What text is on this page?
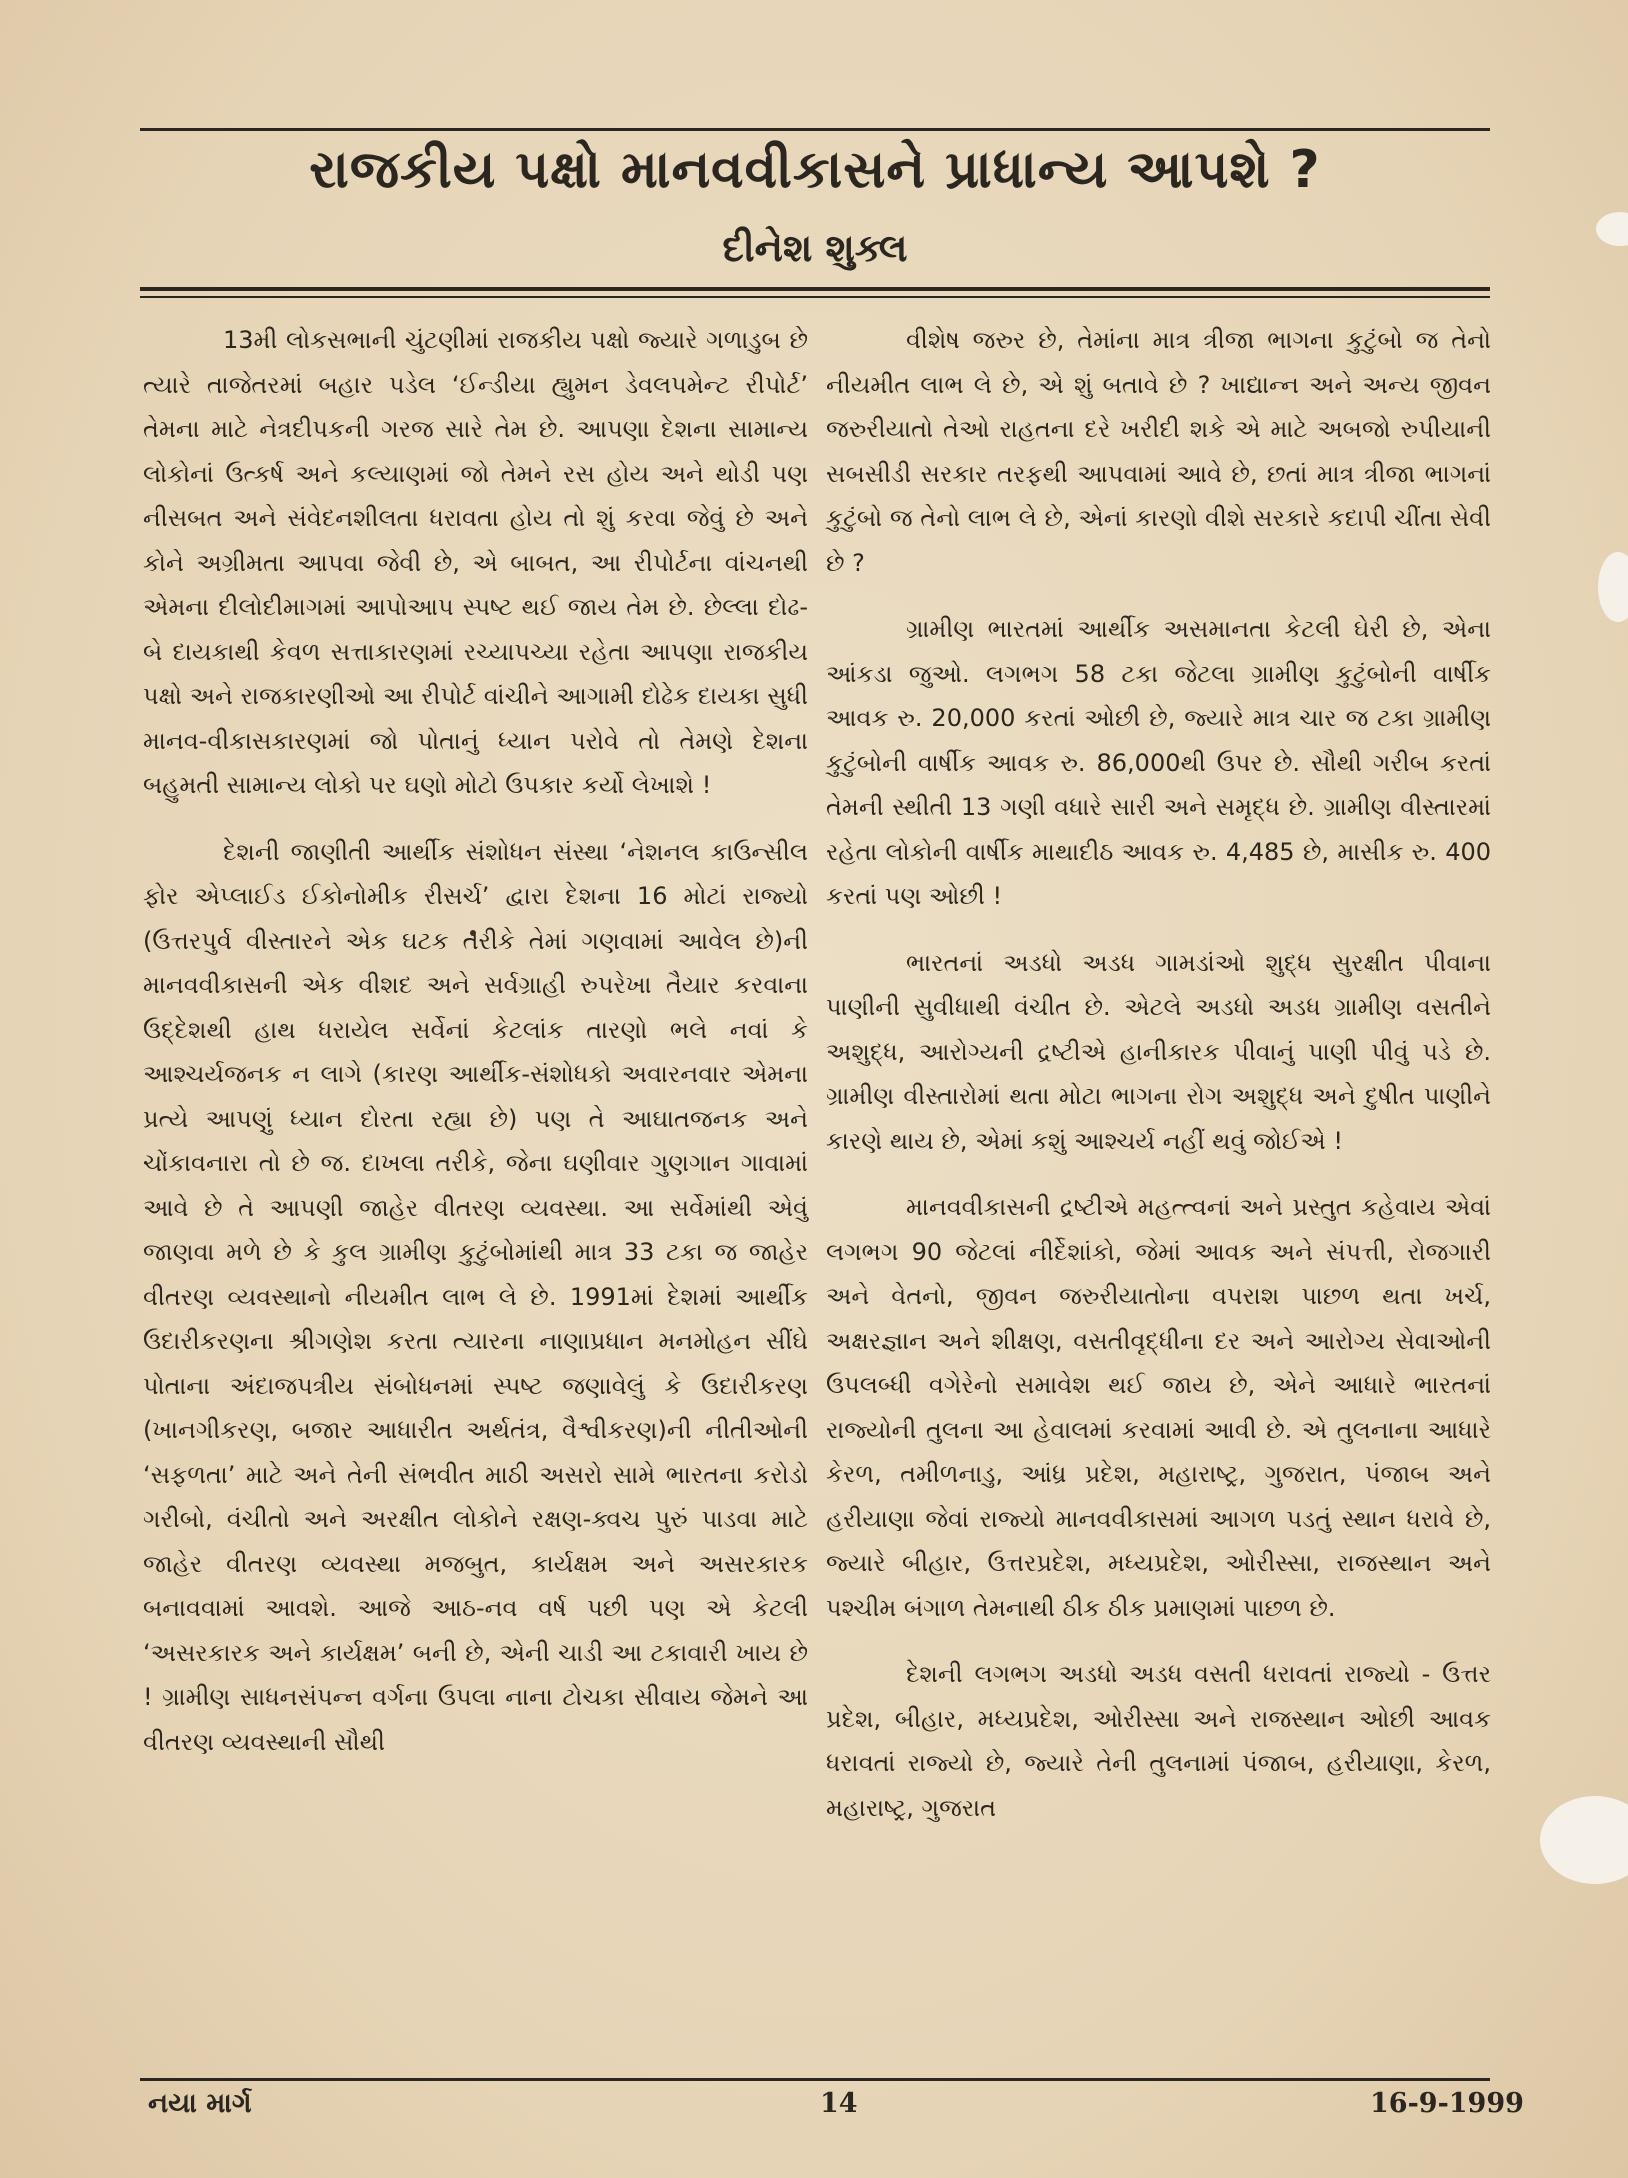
રાજકીય પક્ષો માનવવીકાસને પ્રાધાન્ય આપશે ?
દીનેશ શુક્લ

13મી લોકસભાની ચુંટણીમાં રાજકીય પક્ષો જ્યારે ગળાડુબ છે ત્યારે તાજેતરમાં બહાર પડેલ ‘ઈન્ડીયા હ્યુમન ડેવલપમેન્ટ રીપોર્ટ’ તેમના માટે નેત્રદીપકની ગરજ સારે તેમ છે. આપણા દેશના સામાન્ય લોકોનાં ઉત્કર્ષ અને કલ્યાણમાં જો તેમને રસ હોય અને થોડી પણ નીસબત અને સંવેદનશીલતા ધરાવતા હોય તો શું કરવા જેવું છે અને કોને અગ્રીમતા આપવા જેવી છે, એ બાબત, આ રીપોર્ટના વાંચનથી એમના દીલોદીમાગમાં આપોઆપ સ્પષ્ટ થઈ જાય તેમ છે. છેલ્લા દોઢ-બે દાયકાથી કેવળ સત્તાકારણમાં રચ્યાપચ્યા રહેતા આપણા રાજકીય પક્ષો અને રાજકારણીઓ આ રીપોર્ટ વાંચીને આગામી દોઢેક દાયકા સુધી માનવ-વીકાસકારણમાં જો પોતાનું ધ્યાન પરોવે તો તેમણે દેશના બહુમતી સામાન્ય લોકો પર ઘણો મોટો ઉપકાર કર્યો લેખાશે !

દેશની જાણીતી આર્થીક સંશોધન સંસ્થા ‘નેશનલ કાઉન્સીલ ફોર એપ્લાઈડ ઈકોનોમીક રીસર્ચ’ દ્વારા દેશના 16 મોટાં રાજ્યો (ઉત્તરપુર્વ વીસ્તારને એક ઘટક તરીકે તેમાં ગણવામાં આવેલ છે)ની માનવવીકાસની એક વીશદ અને સર્વગ્રાહી રુપરેખા તૈયાર કરવાના ઉદ્દેશથી હાથ ધરાયેલ સર્વેનાં કેટલાંક તારણો ભલે નવાં કે આશ્ચર્યજનક ન લાગે (કારણ આર્થીક-સંશોધકો અવારનવાર એમના પ્રત્યે આપણું ધ્યાન દોરતા રહ્યા છે) પણ તે આઘાતજનક અને ચોંકાવનારા તો છે જ. દાખલા તરીકે, જેના ઘણીવાર ગુણગાન ગાવામાં આવે છે તે આપણી જાહેર વીતરણ વ્યવસ્થા. આ સર્વેમાંથી એવું જાણવા મળે છે કે કુલ ગ્રામીણ કુટુંબોમાંથી માત્ર 33 ટકા જ જાહેર વીતરણ વ્યવસ્થાનો નીયમીત લાભ લે છે. 1991માં દેશમાં આર્થીક ઉદારીકરણના શ્રીગણેશ કરતા ત્યારના નાણાપ્રધાન મનમોહન સીંઘે પોતાના અંદાજપત્રીય સંબોધનમાં સ્પષ્ટ જણાવેલું કે ઉદારીકરણ (ખાનગીકરણ, બજાર આધારીત અર્થતંત્ર, વૈશ્વીકરણ)ની નીતીઓની ‘સફળતા’ માટે અને તેની સંભવીત માઠી અસરો સામે ભારતના કરોડો ગરીબો, વંચીતો અને અરક્ષીત લોકોને રક્ષણ-ક્વચ પુરું પાડવા માટે જાહેર વીતરણ વ્યવસ્થા મજબુત, કાર્યક્ષમ અને અસરકારક બનાવવામાં આવશે. આજે આઠ-નવ વર્ષ પછી પણ એ કેટલી ‘અસરકારક અને કાર્યક્ષમ’ બની છે, એની ચાડી આ ટકાવારી ખાય છે ! ગ્રામીણ સાધનસંપન્ન વર્ગના ઉપલા નાના ટોચકા સીવાય જેમને આ વીતરણ વ્યવસ્થાની સૌથી

વીશેષ જરુર છે, તેમાંના માત્ર ત્રીજા ભાગના કુટુંબો જ તેનો નીયમીત લાભ લે છે, એ શું બતાવે છે ? ખાદ્યાન્ન અને અન્ય જીવન જરુરીયાતો તેઓ રાહતના દરે ખરીદી શકે એ માટે અબજો રુપીયાની સબસીડી સરકાર તરફથી આપવામાં આવે છે, છતાં માત્ર ત્રીજા ભાગનાં કુટુંબો જ તેનો લાભ લે છે, એનાં કારણો વીશે સરકારે કદાપી ચીંતા સેવી છે ?

ગ્રામીણ ભારતમાં આર્થીક અસમાનતા કેટલી ઘેરી છે, એના આંકડા જુઓ. લગભગ 58 ટકા જેટલા ગ્રામીણ કુટુંબોની વાર્ષીક આવક રુ. 20,000 કરતાં ઓછી છે, જ્યારે માત્ર ચાર જ ટકા ગ્રામીણ કુટુંબોની વાર્ષીક આવક રુ. 86,000થી ઉપર છે. સૌથી ગરીબ કરતાં તેમની સ્થીતી 13 ગણી વધારે સારી અને સમૃદ્ધ છે. ગ્રામીણ વીસ્તારમાં રહેતા લોકોની વાર્ષીક માથાદીઠ આવક રુ. 4,485 છે, માસીક રુ. 400 કરતાં પણ ઓછી !

ભારતનાં અડધો અડધ ગામડાંઓ શુદ્ધ સુરક્ષીત પીવાના પાણીની સુવીધાથી વંચીત છે. એટલે અડધો અડધ ગ્રામીણ વસતીને અશુદ્ધ, આરોગ્યની દ્રષ્ટીએ હાનીકારક પીવાનું પાણી પીવું પડે છે. ગ્રામીણ વીસ્તારોમાં થતા મોટા ભાગના રોગ અશુદ્ધ અને દુષીત પાણીને કારણે થાય છે, એમાં કશું આશ્ચર્ય નહીં થવું જોઈએ !

માનવવીકાસની દ્રષ્ટીએ મહત્ત્વનાં અને પ્રસ્તુત કહેવાય એવાં લગભગ 90 જેટલાં નીર્દેશાંકો, જેમાં આવક અને સંપત્તી, રોજગારી અને વેતનો, જીવન જરુરીયાતોના વપરાશ પાછળ થતા ખર્ચ, અક્ષરજ્ઞાન અને શીક્ષણ, વસતીવૃદ્ધીના દર અને આરોગ્ય સેવાઓની ઉપલબ્ધી વગેરેનો સમાવેશ થઈ જાય છે, એને આધારે ભારતનાં રાજ્યોની તુલના આ હેવાલમાં કરવામાં આવી છે. એ તુલનાના આધારે કેરળ, તમીળનાડુ, આંધ્ર પ્રદેશ, મહારાષ્ટ્ર, ગુજરાત, પંજાબ અને હરીયાણા જેવાં રાજ્યો માનવવીકાસમાં આગળ પડતું સ્થાન ધરાવે છે, જ્યારે બીહાર, ઉત્તરપ્રદેશ, મધ્યપ્રદેશ, ઓરીસ્સા, રાજસ્થાન અને પશ્ચીમ બંગાળ તેમનાથી ઠીક ઠીક પ્રમાણમાં પાછળ છે.

દેશની લગભગ અડધો અડધ વસતી ધરાવતાં રાજ્યો - ઉત્તર પ્રદેશ, બીહાર, મધ્યપ્રદેશ, ઓરીસ્સા અને રાજસ્થાન ઓછી આવક ધરાવતાં રાજ્યો છે, જ્યારે તેની તુલનામાં પંજાબ, હરીયાણા, કેરળ, મહારાષ્ટ્ર, ગુજરાત

નયા માર્ગ	14	16-9-1999
